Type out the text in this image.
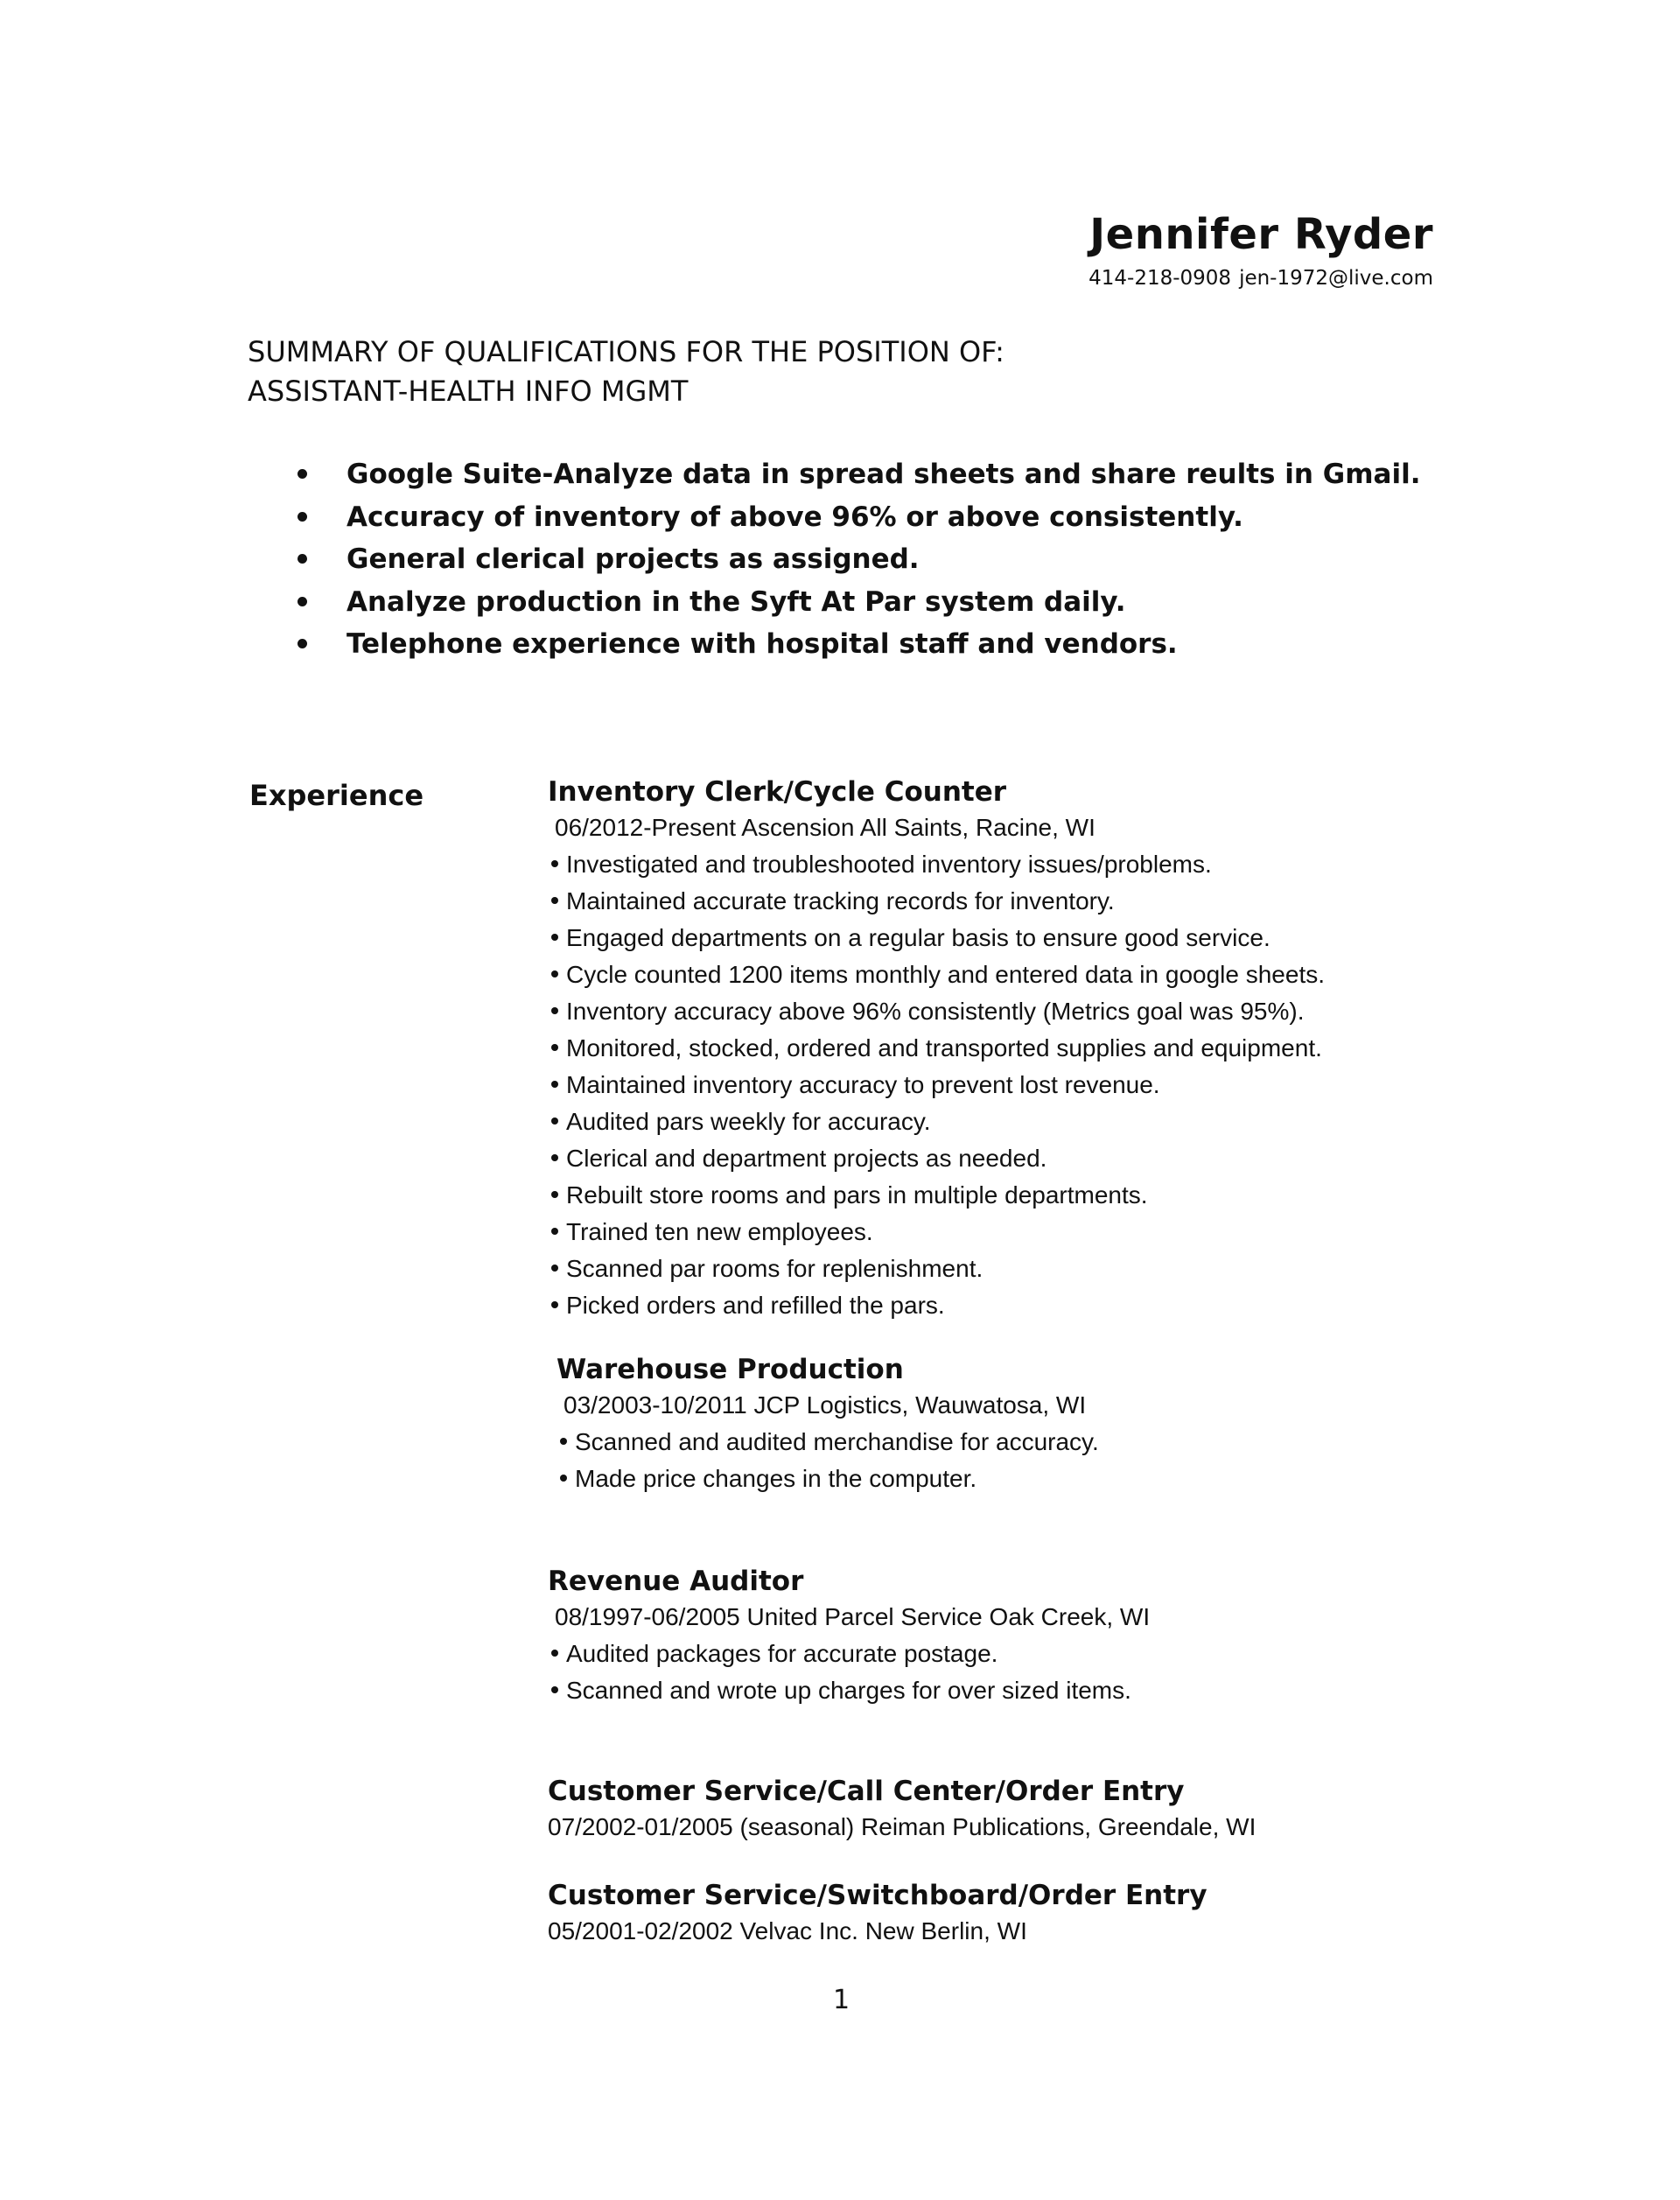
Jennifer Ryder
414-218-0908 jen-1972@live.com
SUMMARY OF QUALIFICATIONS FOR THE POSITION OF:
ASSISTANT-HEALTH INFO MGMT
Google Suite-Analyze data in spread sheets and share reults in Gmail.
Accuracy of inventory of above 96% or above consistently.
General clerical projects as assigned.
Analyze production in the Syft At Par system daily.
Telephone experience with hospital staff and vendors.
Experience	Inventory Clerk/Cycle Counter
06/2012-Present Ascension All Saints, Racine, WI
Investigated and troubleshooted inventory issues/problems.
Maintained accurate tracking records for inventory.
Engaged departments on a regular basis to ensure good service.
Cycle counted 1200 items monthly and entered data in google sheets.
Inventory accuracy above 96% consistently (Metrics goal was 95%).
Monitored, stocked, ordered and transported supplies and equipment.
Maintained inventory accuracy to prevent lost revenue.
Audited pars weekly for accuracy.
Clerical and department projects as needed.
Rebuilt store rooms and pars in multiple departments.
Trained ten new employees.
Scanned par rooms for replenishment.
Picked orders and refilled the pars.
Warehouse Production
03/2003-10/2011 JCP Logistics, Wauwatosa, WI
Scanned and audited merchandise for accuracy.
Made price changes in the computer.
Revenue Auditor
08/1997-06/2005 United Parcel Service Oak Creek, WI
Audited packages for accurate postage.
Scanned and wrote up charges for over sized items.
Customer Service/Call Center/Order Entry
07/2002-01/2005 (seasonal) Reiman Publications, Greendale, WI
Customer Service/Switchboard/Order Entry
05/2001-02/2002 Velvac Inc. New Berlin, WI
1
